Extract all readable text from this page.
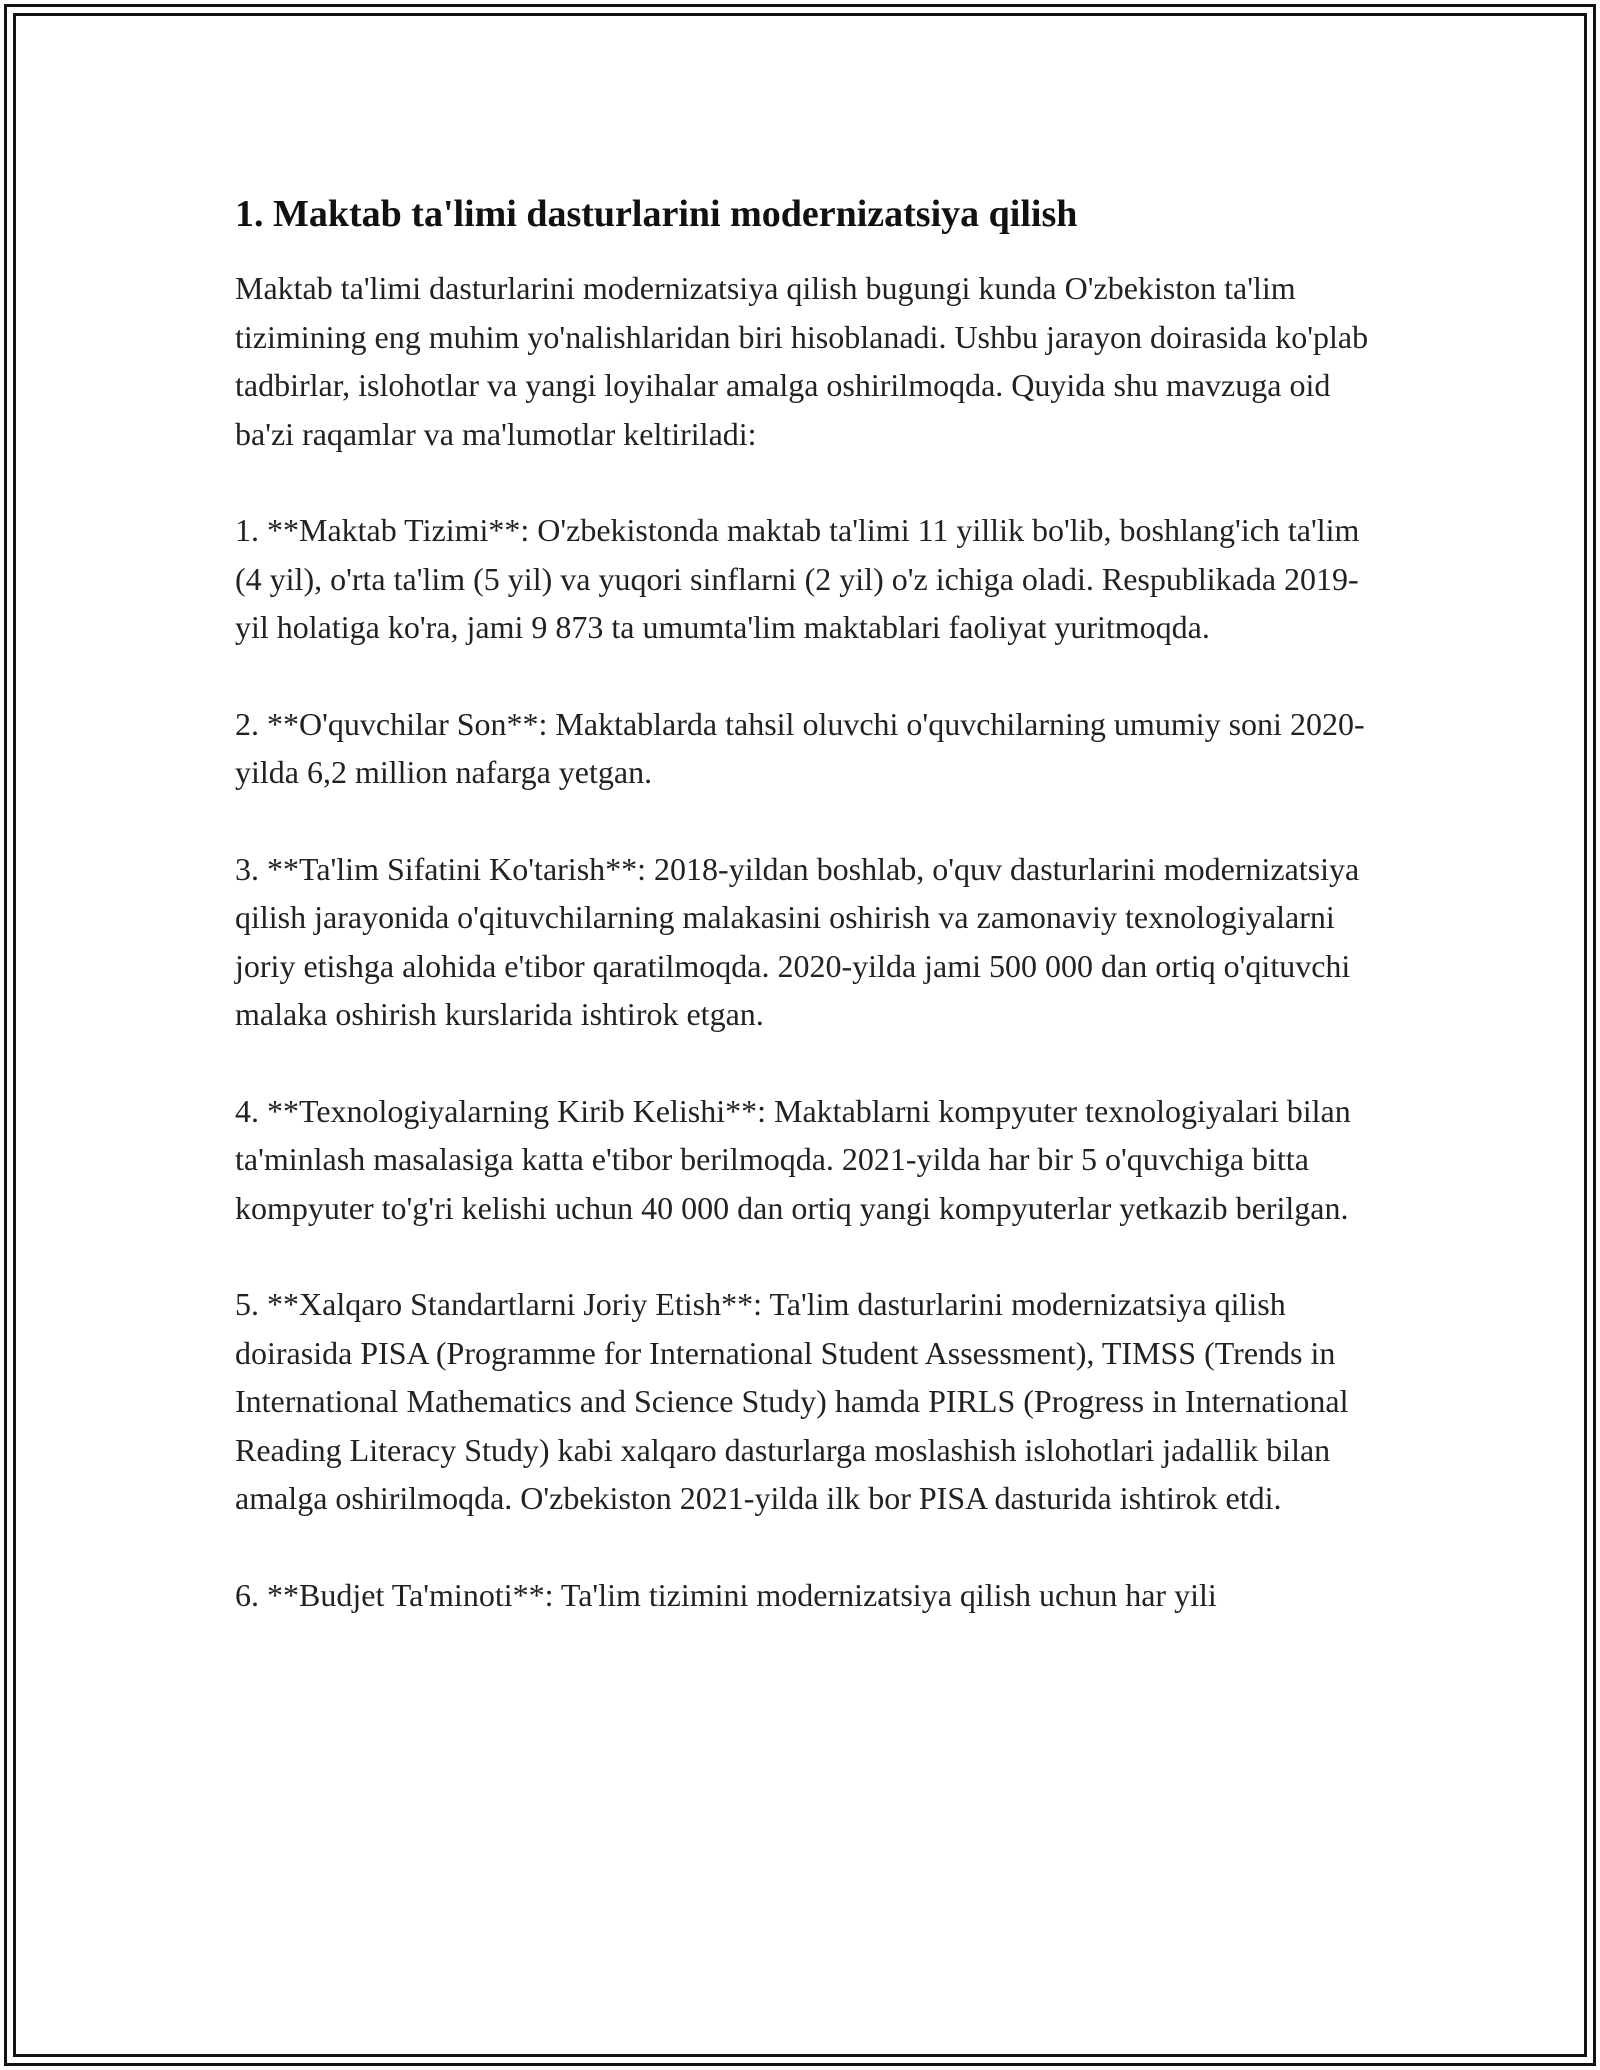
1. Maktab ta'limi dasturlarini modernizatsiya qilish

Maktab ta'limi dasturlarini modernizatsiya qilish bugungi kunda O'zbekiston ta'lim tizimining eng muhim yo'nalishlaridan biri hisoblanadi. Ushbu jarayon doirasida ko'plab tadbirlar, islohotlar va yangi loyihalar amalga oshirilmoqda. Quyida shu mavzuga oid ba'zi raqamlar va ma'lumotlar keltiriladi:

1. **Maktab Tizimi**: O'zbekistonda maktab ta'limi 11 yillik bo'lib, boshlang'ich ta'lim (4 yil), o'rta ta'lim (5 yil) va yuqori sinflarni (2 yil) o'z ichiga oladi. Respublikada 2019-yil holatiga ko'ra, jami 9 873 ta umumta'lim maktablari faoliyat yuritmoqda.

2. **O'quvchilar Son**: Maktablarda tahsil oluvchi o'quvchilarning umumiy soni 2020-yilda 6,2 million nafarga yetgan.

3. **Ta'lim Sifatini Ko'tarish**: 2018-yildan boshlab, o'quv dasturlarini modernizatsiya qilish jarayonida o'qituvchilarning malakasini oshirish va zamonaviy texnologiyalarni joriy etishga alohida e'tibor qaratilmoqda. 2020-yilda jami 500 000 dan ortiq o'qituvchi malaka oshirish kurslarida ishtirok etgan.

4. **Texnologiyalarning Kirib Kelishi**: Maktablarni kompyuter texnologiyalari bilan ta'minlash masalasiga katta e'tibor berilmoqda. 2021-yilda har bir 5 o'quvchiga bitta kompyuter to'g'ri kelishi uchun 40 000 dan ortiq yangi kompyuterlar yetkazib berilgan.

5. **Xalqaro Standartlarni Joriy Etish**: Ta'lim dasturlarini modernizatsiya qilish doirasida PISA (Programme for International Student Assessment), TIMSS (Trends in International Mathematics and Science Study) hamda PIRLS (Progress in International Reading Literacy Study) kabi xalqaro dasturlarga moslashish islohotlari jadallik bilan amalga oshirilmoqda. O'zbekiston 2021-yilda ilk bor PISA dasturida ishtirok etdi.

6. **Budjet Ta'minoti**: Ta'lim tizimini modernizatsiya qilish uchun har yili
